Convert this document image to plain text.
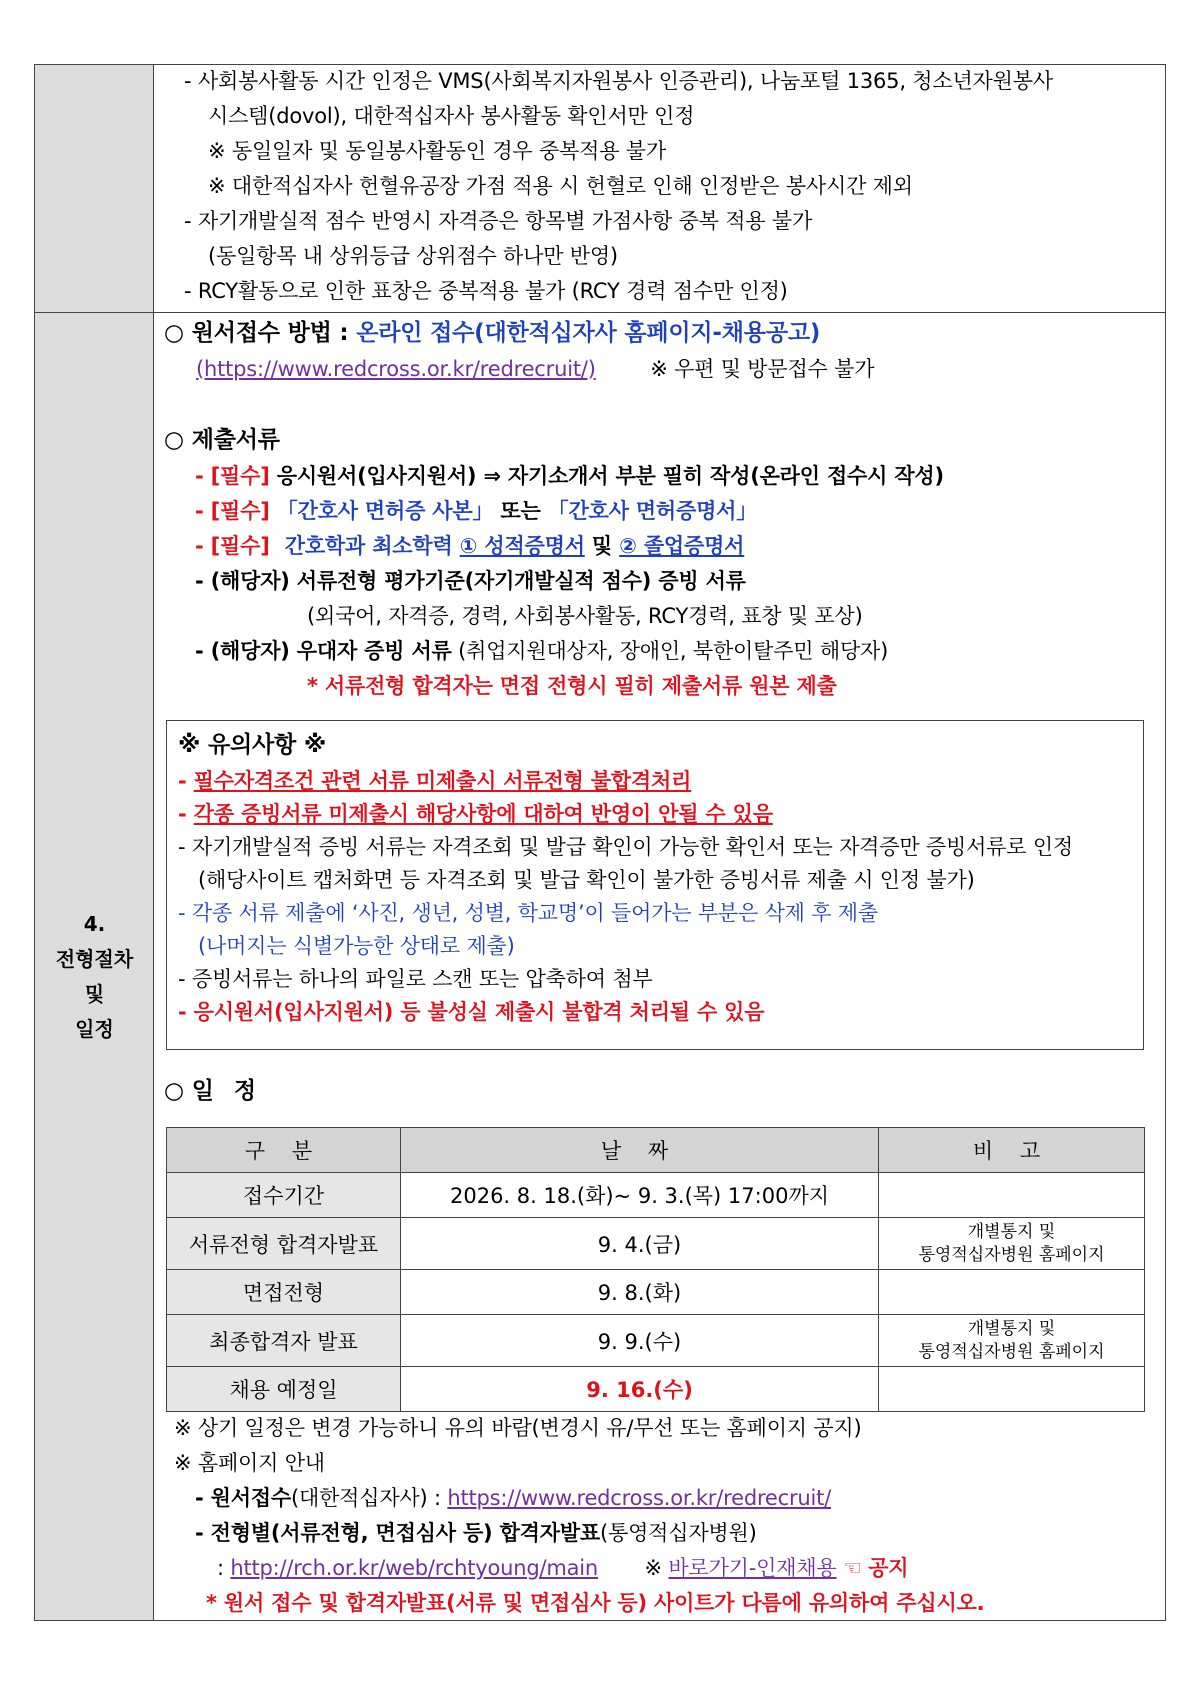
4.
전형절차
및
일정
- 사회봉사활동 시간 인정은 VMS(사회복지자원봉사 인증관리), 나눔포털 1365, 청소년자원봉사
시스템(dovol), 대한적십자사 봉사활동 확인서만 인정
※ 동일일자 및 동일봉사활동인 경우 중복적용 불가
※ 대한적십자사 헌혈유공장 가점 적용 시 헌혈로 인해 인정받은 봉사시간 제외
- 자기개발실적 점수 반영시 자격증은 항목별 가점사항 중복 적용 불가
(동일항목 내 상위등급 상위점수 하나만 반영)
- RCY활동으로 인한 표창은 중복적용 불가 (RCY 경력 점수만 인정)
○ 원서접수 방법 : 온라인 접수(대한적십자사 홈페이지-채용공고)
(https://www.redcross.or.kr/redrecruit/)	※ 우편 및 방문접수 불가
○ 제출서류
- [필수] 응시원서(입사지원서) ⇒ 자기소개서 부분 필히 작성(온라인 접수시 작성)
- [필수] 「간호사 면허증 사본」 또는 「간호사 면허증명서」
- [필수] 간호학과 최소학력 ① 성적증명서 및 ② 졸업증명서
- (해당자) 서류전형 평가기준(자기개발실적 점수) 증빙 서류
(외국어, 자격증, 경력, 사회봉사활동, RCY경력, 표창 및 포상)
- (해당자) 우대자 증빙 서류 (취업지원대상자, 장애인, 북한이탈주민 해당자)
* 서류전형 합격자는 면접 전형시 필히 제출서류 원본 제출
※ 유의사항 ※
- 필수자격조건 관련 서류 미제출시 서류전형 불합격처리
- 각종 증빙서류 미제출시 해당사항에 대하여 반영이 안될 수 있음
- 자기개발실적 증빙 서류는 자격조회 및 발급 확인이 가능한 확인서 또는 자격증만 증빙서류로 인정
(해당사이트 캡처화면 등 자격조회 및 발급 확인이 불가한 증빙서류 제출 시 인정 불가)
- 각종 서류 제출에 ‘사진, 생년, 성별, 학교명’이 들어가는 부분은 삭제 후 제출
(나머지는 식별가능한 상태로 제출)
- 증빙서류는 하나의 파일로 스캔 또는 압축하여 첨부
- 응시원서(입사지원서) 등 불성실 제출시 불합격 처리될 수 있음
○ 일 정
구 분	날 짜	비 고
접수기간	2026. 8. 18.(화)~ 9. 3.(목) 17:00까지	
서류전형 합격자발표	9. 4.(금)	개별통지 및
통영적십자병원 홈페이지

면접전형	9. 8.(화)	
최종합격자 발표	9. 9.(수)	개별통지 및
통영적십자병원 홈페이지

채용 예정일	9. 16.(수)	
※ 상기 일정은 변경 가능하니 유의 바람(변경시 유/무선 또는 홈페이지 공지)
※ 홈페이지 안내
- 원서접수(대한적십자사) : https://www.redcross.or.kr/redrecruit/
- 전형별(서류전형, 면접심사 등) 합격자발표(통영적십자병원)
: http://rch.or.kr/web/rchtyoung/main ※ 바로가기-인재채용 ☜ 공지
* 원서 접수 및 합격자발표(서류 및 면접심사 등) 사이트가 다름에 유의하여 주십시오.
